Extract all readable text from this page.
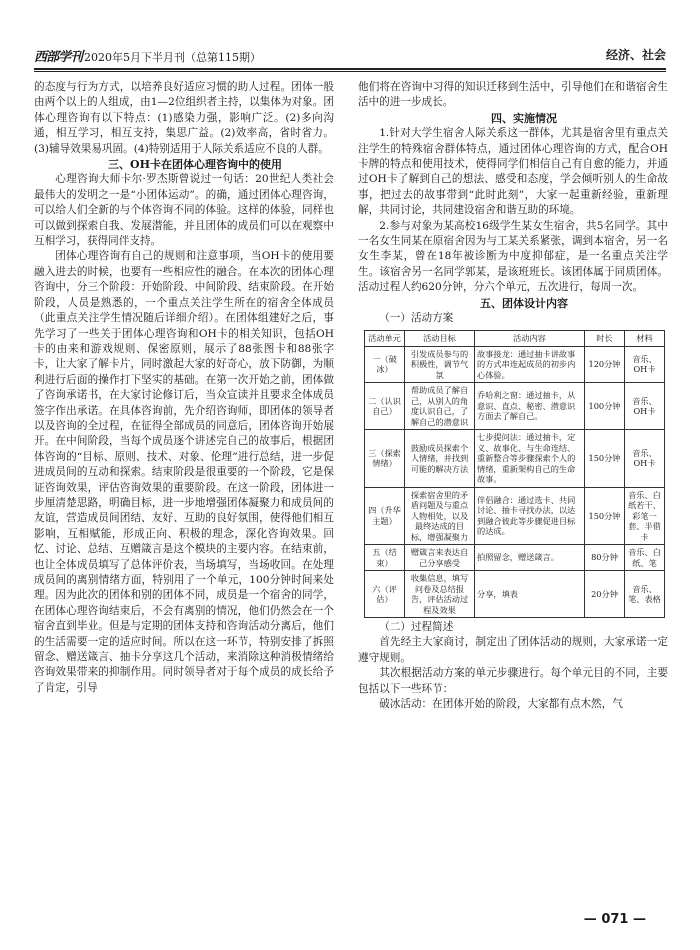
西部学刊 2020年5月下半月刊（总第115期）	经济、社会

的态度与行为方式，以培养良好适应习惯的助人过程。团体一般由两个以上的人组成，由1—2位组织者主持，以集体为对象。团体心理咨询有以下特点：(1)感染力强，影响广泛。(2)多向沟通，相互学习，相互支持，集思广益。(2)效率高，省时省力。(3)辅导效果易巩固。(4)特别适用于人际关系适应不良的人群。

三、OH卡在团体心理咨询中的使用

心理咨询大师卡尔·罗杰斯曾说过一句话：20世纪人类社会最伟大的发明之一是“小团体运动”。的确，通过团体心理咨询，可以给人们全新的与个体咨询不同的体验。这样的体验，同样也可以做到探索自我、发展潜能，并且团体的成员们可以在观察中互相学习，获得同伴支持。

团体心理咨询有自己的规则和注意事项，当OH卡的使用要融入进去的时候，也要有一些相应性的融合。在本次的团体心理咨询中，分三个阶段：开始阶段、中间阶段、结束阶段。在开始阶段，人员是熟悉的，一个重点关注学生所在的宿舍全体成员（此重点关注学生情况随后详细介绍）。在团体组建好之后，事先学习了一些关于团体心理咨询和OH卡的相关知识，包括OH卡的由来和游戏规则、保密原则，展示了88张图卡和88张字卡，让大家了解卡片，同时激起大家的好奇心，放下防御，为顺利进行后面的操作打下坚实的基础。在第一次开始之前，团体做了咨询承诺书，在大家讨论修订后，当众宣读并且要求全体成员签字作出承诺。在具体咨询前，先介绍咨询师，即团体的领导者以及咨询的全过程，在征得全部成员的同意后，团体咨询开始展开。在中间阶段，当每个成员逐个讲述完自己的故事后，根据团体咨询的“目标、原则、技术、对象、伦理”进行总结，进一步促进成员间的互动和探索。结束阶段是很重要的一个阶段，它是保证咨询效果，评估咨询效果的重要阶段。在这一阶段，团体进一步厘清楚思路，明确目标，进一步地增强团体凝聚力和成员间的友谊，营造成员间团结、友好、互助的良好氛围，使得他们相互影响，互相赋能，形成正向、积极的理念，深化咨询效果。回忆、讨论、总结、互赠箴言是这个模块的主要内容。在结束前，也让全体成员填写了总体评价表，当场填写，当场收回。在处理成员间的离别情绪方面，特别用了一个单元，100分钟时间来处理。因为此次的团体和别的团体不同，成员是一个宿舍的同学，在团体心理咨询结束后，不会有离别的情况，他们仍然会在一个宿舍直到毕业。但是与定期的团体支持和咨询活动分离后，他们的生活需要一定的适应时间。所以在这一环节，特别安排了拆照留念、赠送箴言、抽卡分享这几个活动，来消除这种消极情绪给咨询效果带来的抑制作用。同时领导者对于每个成员的成长给予了肯定，引导

他们将在咨询中习得的知识迁移到生活中，引导他们在和谐宿舍生活中的进一步成长。

四、实施情况

1.针对大学生宿舍人际关系这一群体，尤其是宿舍里有重点关注学生的特殊宿舍群体特点，通过团体心理咨询的方式，配合OH卡牌的特点和使用技术，使得同学们相信自己有自愈的能力，并通过OH卡了解到自己的想法、感受和态度，学会倾听别人的生命故事，把过去的故事带到“此时此刻”，大家一起重新经验，重新理解，共同讨论，共同建设宿舍和谐互助的环境。

2.参与对象为某高校16级学生某女生宿舍，共5名同学。其中一名女生同某在原宿舍因为与工某关系紧张，调到本宿舍，另一名女生李某，曾在18年被诊断为中度抑郁症，是一名重点关注学生。该宿舍另一名同学郭某，是该班班长。该团体属于同质团体。活动过程人约620分钟，分六个单元，五次进行，每周一次。

五、团体设计内容

（一）活动方案

活动单元	活动目标	活动内容	时长	材料
一（破冰）	引发成员参与的积极性，调节气氛	故事接龙：通过抽卡讲故事的方式串连起成员的初步内心体验。	120分钟	音乐、OH卡
二（认识自己）	帮助成员了解自己，从别人的角度认识自己，了解自己的潜意识	乔哈利之窗：通过抽卡，从意识、直点、秘密、潜意识方面去了解自己。	100分钟	音乐、OH卡
三（探索情绪）	鼓励成员探索个人情绪，并找到可能的解决方法	七步提问法：通过抽卡，定义、故事化、与生命连结、重新整合等步骤探索个人的情绪，重新架构自己的生命故事。	150分钟	音乐、OH卡
四（升华主题）	探索宿舍里的矛盾问题及与重点人物相处，以及最终达成的目标，增强凝聚力	伴侣融合：通过选卡、共同讨论、抽卡寻找办法，以达到融合彼此等步骤促进目标的达成。	150分钟	音乐、白纸若干、彩笔一套、半借卡
五（结束）	赠箴言来表达自己分享感受	拍照留念，赠送箴言。	80分钟	音乐、白纸、笔
六（评估）	收集信息，填写问卷及总结报告，评估活动过程及效果	分享，填表	20分钟	音乐、笔、表格

（二）过程简述

首先经主大家商讨，制定出了团体活动的规则，大家承诺一定遵守规则。

其次根据活动方案的单元步骤进行。每个单元目的不同，主要包括以下一些环节：

破冰活动：在团体开始的阶段，大家都有点木然，气

— 071 —
